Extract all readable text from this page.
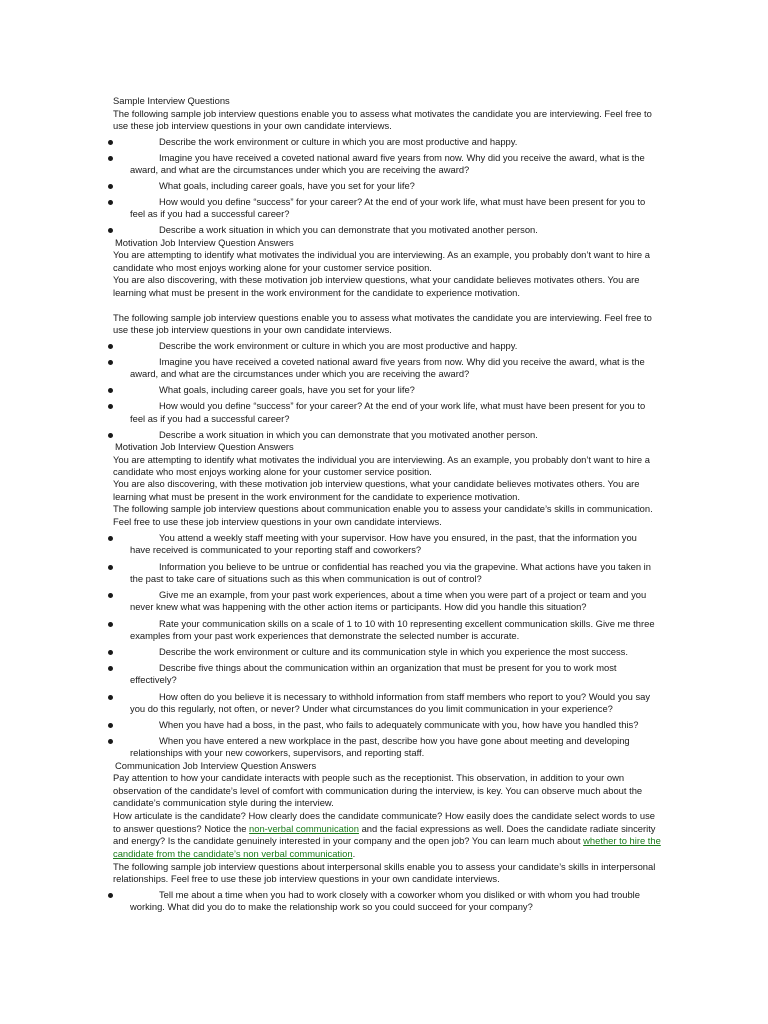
Sample Interview Questions
The following sample job interview questions enable you to assess what motivates the candidate you are interviewing. Feel free to
use these job interview questions in your own candidate interviews.
Describe the work environment or culture in which you are most productive and happy.
Imagine you have received a coveted national award five years from now. Why did you receive the award, what is the
award, and what are the circumstances under which you are receiving the award?
What goals, including career goals, have you set for your life?
How would you define “success” for your career? At the end of your work life, what must have been present for you to
feel as if you had a successful career?
Describe a work situation in which you can demonstrate that you motivated another person.
Motivation Job Interview Question Answers
You are attempting to identify what motivates the individual you are interviewing. As an example, you probably don’t want to hire a
candidate who most enjoys working alone for your customer service position.
You are also discovering, with these motivation job interview questions, what your candidate believes motivates others. You are
learning what must be present in the work environment for the candidate to experience motivation.
The following sample job interview questions enable you to assess what motivates the candidate you are interviewing. Feel free to
use these job interview questions in your own candidate interviews.
Describe the work environment or culture in which you are most productive and happy.
Imagine you have received a coveted national award five years from now. Why did you receive the award, what is the
award, and what are the circumstances under which you are receiving the award?
What goals, including career goals, have you set for your life?
How would you define “success” for your career? At the end of your work life, what must have been present for you to
feel as if you had a successful career?
Describe a work situation in which you can demonstrate that you motivated another person.
Motivation Job Interview Question Answers
You are attempting to identify what motivates the individual you are interviewing. As an example, you probably don’t want to hire a
candidate who most enjoys working alone for your customer service position.
You are also discovering, with these motivation job interview questions, what your candidate believes motivates others. You are
learning what must be present in the work environment for the candidate to experience motivation.
The following sample job interview questions about communication enable you to assess your candidate’s skills in communication.
Feel free to use these job interview questions in your own candidate interviews.
You attend a weekly staff meeting with your supervisor. How have you ensured, in the past, that the information you
have received is communicated to your reporting staff and coworkers?
Information you believe to be untrue or confidential has reached you via the grapevine. What actions have you taken in
the past to take care of situations such as this when communication is out of control?
Give me an example, from your past work experiences, about a time when you were part of a project or team and you
never knew what was happening with the other action items or participants. How did you handle this situation?
Rate your communication skills on a scale of 1 to 10 with 10 representing excellent communication skills. Give me three
examples from your past work experiences that demonstrate the selected number is accurate.
Describe the work environment or culture and its communication style in which you experience the most success.
Describe five things about the communication within an organization that must be present for you to work most
effectively?
How often do you believe it is necessary to withhold information from staff members who report to you? Would you say
you do this regularly, not often, or never? Under what circumstances do you limit communication in your experience?
When you have had a boss, in the past, who fails to adequately communicate with you, how have you handled this?
When you have entered a new workplace in the past, describe how you have gone about meeting and developing
relationships with your new coworkers, supervisors, and reporting staff.
Communication Job Interview Question Answers
Pay attention to how your candidate interacts with people such as the receptionist. This observation, in addition to your own
observation of the candidate’s level of comfort with communication during the interview, is key. You can observe much about the
candidate’s communication style during the interview.
How articulate is the candidate? How clearly does the candidate communicate? How easily does the candidate select words to use
to answer questions? Notice the non-verbal communication and the facial expressions as well. Does the candidate radiate sincerity
and energy? Is the candidate genuinely interested in your company and the open job? You can learn much about whether to hire the
candidate from the candidate’s non verbal communication.
The following sample job interview questions about interpersonal skills enable you to assess your candidate’s skills in interpersonal
relationships. Feel free to use these job interview questions in your own candidate interviews.
Tell me about a time when you had to work closely with a coworker whom you disliked or with whom you had trouble
working. What did you do to make the relationship work so you could succeed for your company?
